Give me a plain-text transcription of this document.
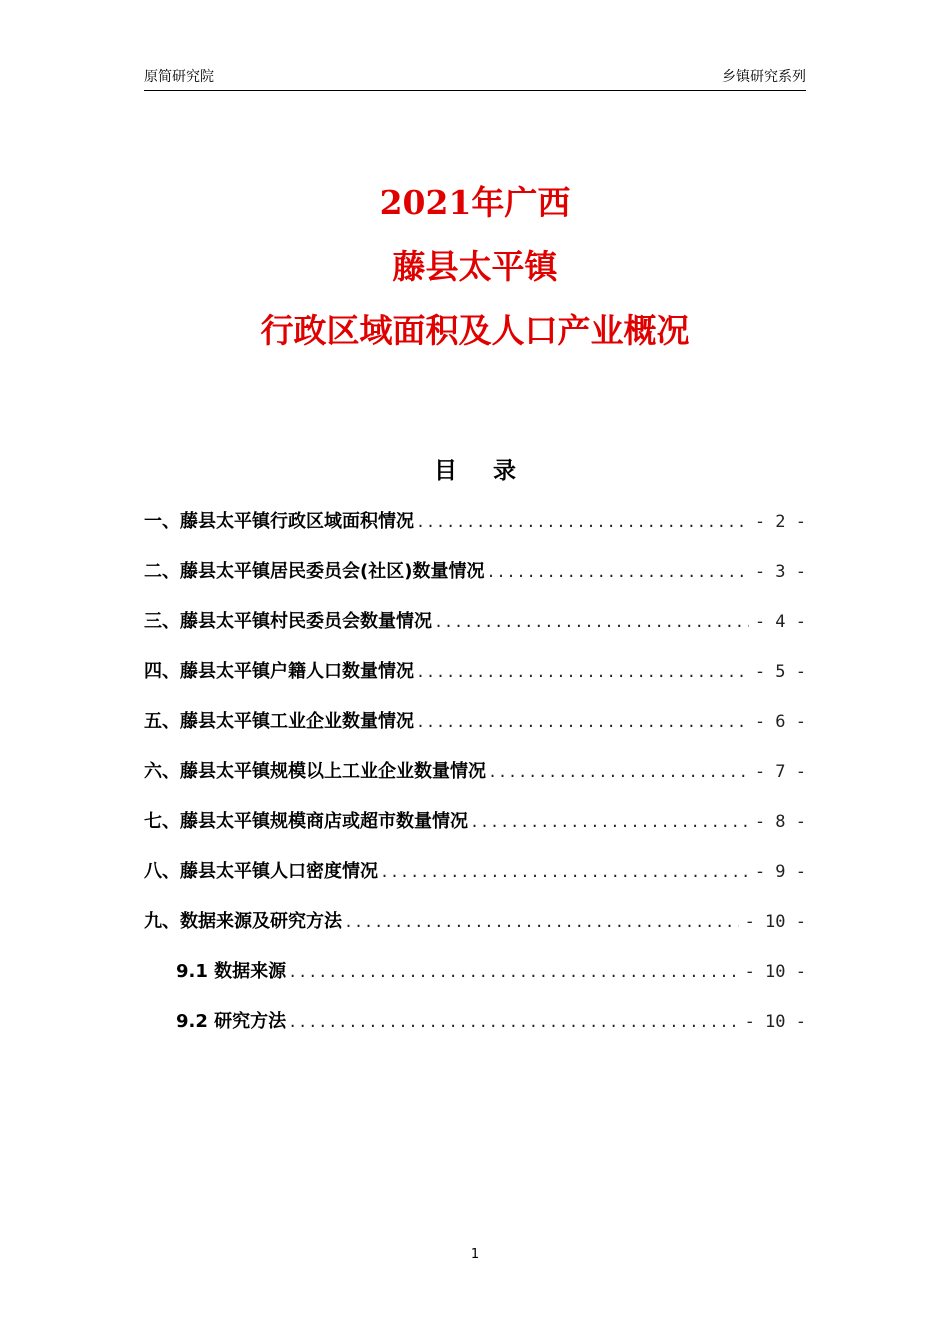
原简研究院	乡镇研究系列
2021年广西
藤县太平镇
行政区域面积及人口产业概况
目 录
一、藤县太平镇行政区域面积情况 .....	- 2 -
二、藤县太平镇居民委员会(社区)数量情况 .....	- 3 -
三、藤县太平镇村民委员会数量情况 .....	- 4 -
四、藤县太平镇户籍人口数量情况 .....	- 5 -
五、藤县太平镇工业企业数量情况 .....	- 6 -
六、藤县太平镇规模以上工业企业数量情况 .....	- 7 -
七、藤县太平镇规模商店或超市数量情况 .....	- 8 -
八、藤县太平镇人口密度情况 .....	- 9 -
九、数据来源及研究方法 .....	- 10 -
9.1 数据来源 .....	- 10 -
9.2 研究方法 .....	- 10 -
1
